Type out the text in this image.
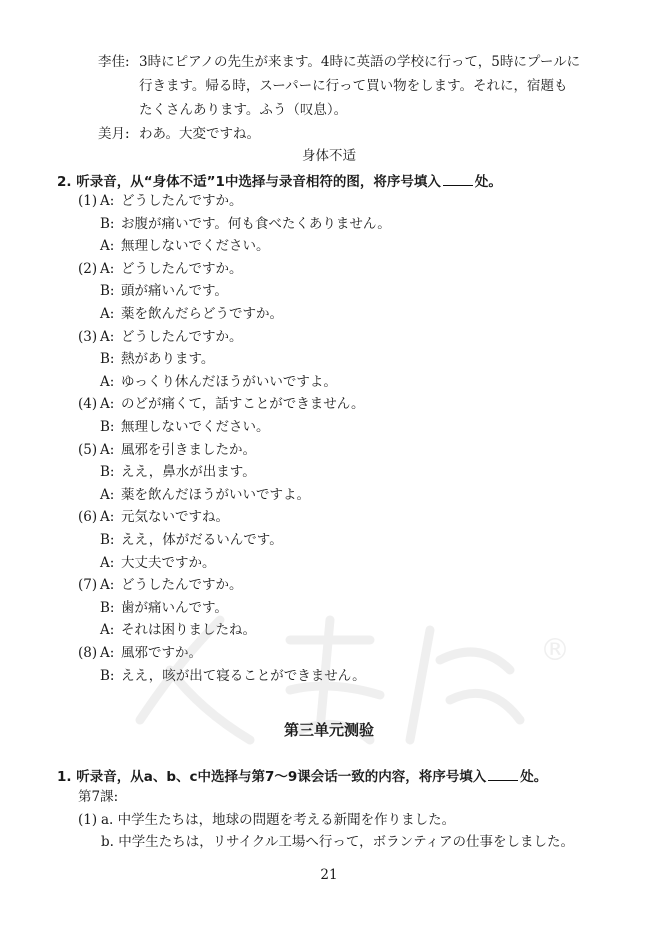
李佳: 3時にピアノの先生が来ます。4時に英語の学校に行って，5時にプールに
行きます。帰る時，スーパーに行って買い物をします。それに，宿題も
たくさんあります。ふう（叹息）。
美月: わあ。大変ですね。
身体不适
2. 听录音，从“身体不适”1中选择与录音相符的图，将序号填入	处。
(1) A: どうしたんですか。
B: お腹が痛いです。何も食べたくありません。
A: 無理しないでください。
(2) A: どうしたんですか。
B: 頭が痛いんです。
A: 薬を飲んだらどうですか。
(3) A: どうしたんですか。
B: 熱があります。
A: ゆっくり休んだほうがいいですよ。
(4) A: のどが痛くて，話すことができません。
B: 無理しないでください。
(5) A: 風邪を引きましたか。
B: ええ，鼻水が出ます。
A: 薬を飲んだほうがいいですよ。
(6) A: 元気ないですね。
B: ええ，体がだるいんです。
A: 大丈夫ですか。
(7) A: どうしたんですか。
B: 歯が痛いんです。
A: それは困りましたね。
(8) A: 風邪ですか。
B: ええ，咳が出て寝ることができません。
®
第三单元测验
1. 听录音，从a、b、c中选择与第7～9课会话一致的内容，将序号填入	处。
第7課:
(1) a. 中学生たちは，地球の問題を考える新聞を作りました。
b. 中学生たちは，リサイクル工場へ行って，ボランティアの仕事をしました。
21
